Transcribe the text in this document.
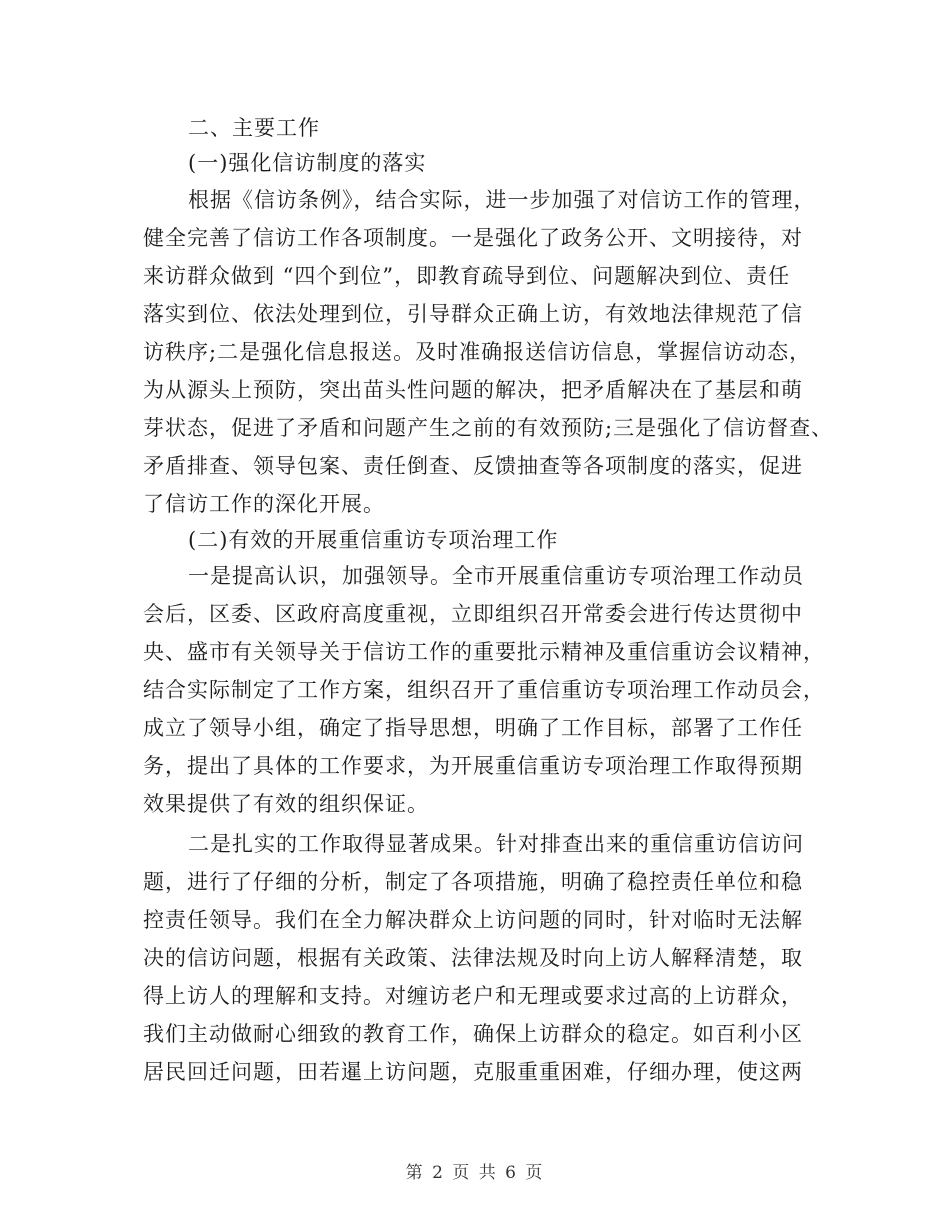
二、主要工作
(一)强化信访制度的落实
根据《信访条例》，结合实际，进一步加强了对信访工作的管理，
健全完善了信访工作各项制度。一是强化了政务公开、文明接待，对
来访群众做到 “四个到位”，即教育疏导到位、问题解决到位、责任
落实到位、依法处理到位，引导群众正确上访，有效地法律规范了信
访秩序;二是强化信息报送。及时准确报送信访信息，掌握信访动态，
为从源头上预防，突出苗头性问题的解决，把矛盾解决在了基层和萌
芽状态，促进了矛盾和问题产生之前的有效预防;三是强化了信访督查、
矛盾排查、领导包案、责任倒查、反馈抽查等各项制度的落实，促进
了信访工作的深化开展。
(二)有效的开展重信重访专项治理工作
一是提高认识，加强领导。全市开展重信重访专项治理工作动员
会后，区委、区政府高度重视，立即组织召开常委会进行传达贯彻中
央、盛市有关领导关于信访工作的重要批示精神及重信重访会议精神，
结合实际制定了工作方案，组织召开了重信重访专项治理工作动员会，
成立了领导小组，确定了指导思想，明确了工作目标，部署了工作任
务，提出了具体的工作要求，为开展重信重访专项治理工作取得预期
效果提供了有效的组织保证。
二是扎实的工作取得显著成果。针对排查出来的重信重访信访问
题，进行了仔细的分析，制定了各项措施，明确了稳控责任单位和稳
控责任领导。我们在全力解决群众上访问题的同时，针对临时无法解
决的信访问题，根据有关政策、法律法规及时向上访人解释清楚，取
得上访人的理解和支持。对缠访老户和无理或要求过高的上访群众，
我们主动做耐心细致的教育工作，确保上访群众的稳定。如百利小区
居民回迁问题，田若暹上访问题，克服重重困难，仔细办理，使这两
第 2 页 共 6 页
